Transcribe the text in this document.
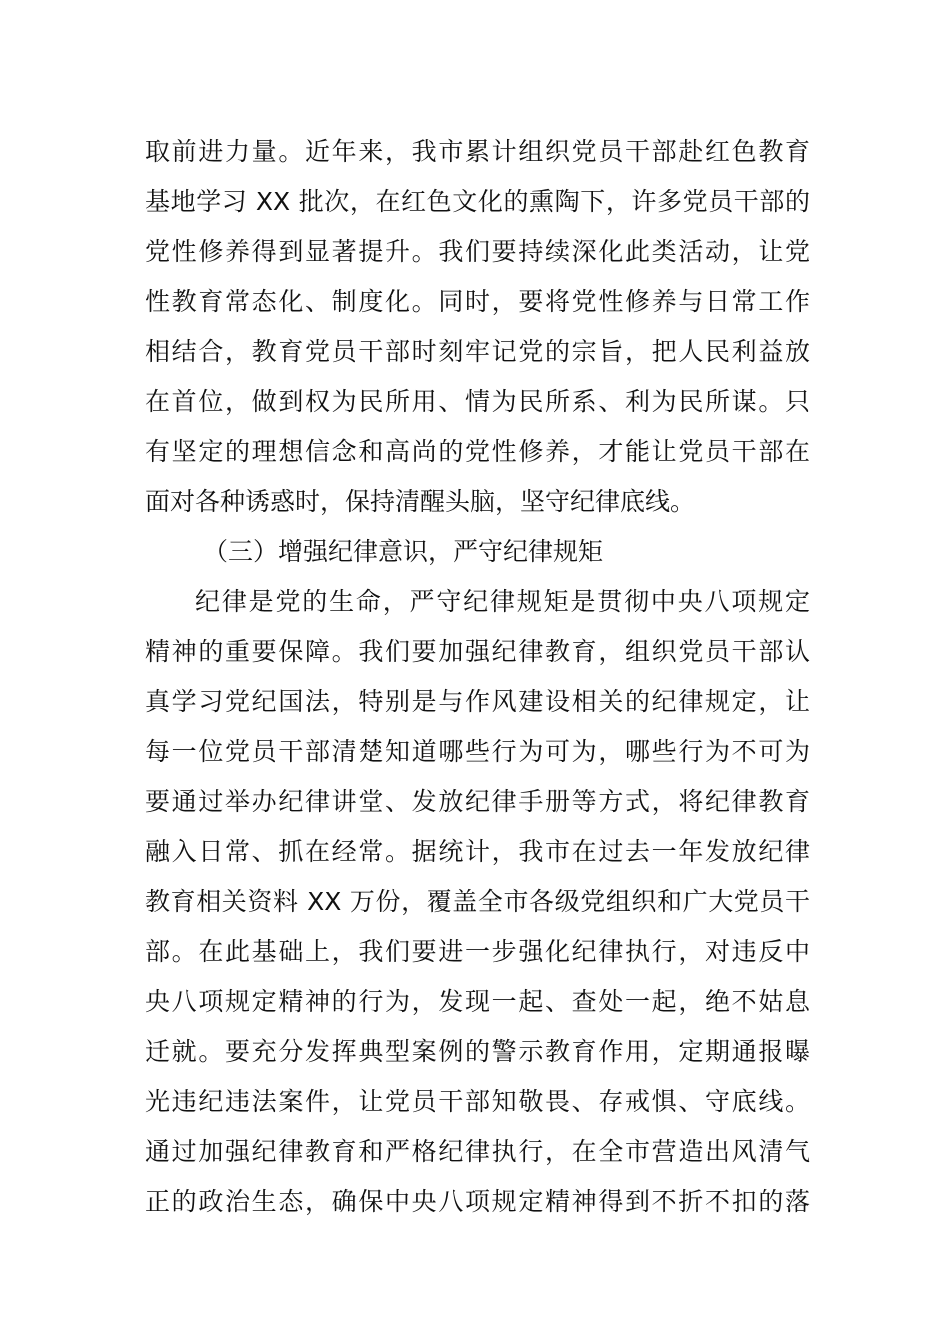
取前进力量。近年来，我市累计组织党员干部赴红色教育
基地学习 XX 批次，在红色文化的熏陶下，许多党员干部的
党性修养得到显著提升。我们要持续深化此类活动，让党
性教育常态化、制度化。同时，要将党性修养与日常工作
相结合，教育党员干部时刻牢记党的宗旨，把人民利益放
在首位，做到权为民所用、情为民所系、利为民所谋。只
有坚定的理想信念和高尚的党性修养，才能让党员干部在
面对各种诱惑时，保持清醒头脑，坚守纪律底线。
（三）增强纪律意识，严守纪律规矩
纪律是党的生命，严守纪律规矩是贯彻中央八项规定
精神的重要保障。我们要加强纪律教育，组织党员干部认
真学习党纪国法，特别是与作风建设相关的纪律规定，让
每一位党员干部清楚知道哪些行为可为，哪些行为不可为
要通过举办纪律讲堂、发放纪律手册等方式，将纪律教育
融入日常、抓在经常。据统计，我市在过去一年发放纪律
教育相关资料 XX 万份，覆盖全市各级党组织和广大党员干
部。在此基础上，我们要进一步强化纪律执行，对违反中
央八项规定精神的行为，发现一起、查处一起，绝不姑息
迁就。要充分发挥典型案例的警示教育作用，定期通报曝
光违纪违法案件，让党员干部知敬畏、存戒惧、守底线。
通过加强纪律教育和严格纪律执行，在全市营造出风清气
正的政治生态，确保中央八项规定精神得到不折不扣的落
